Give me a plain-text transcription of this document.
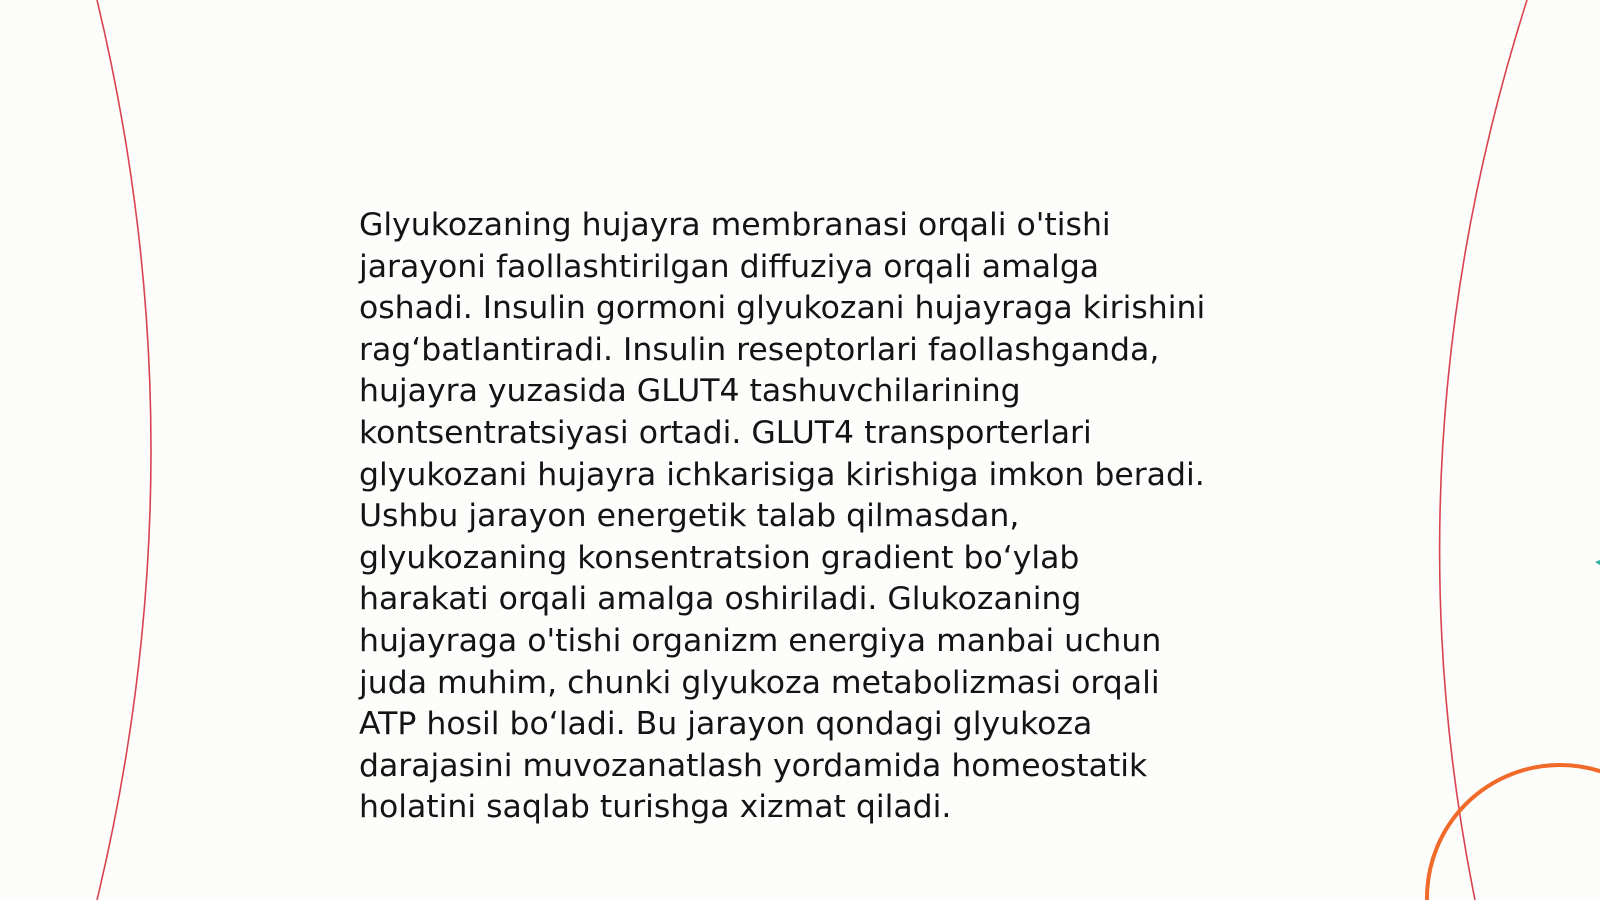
Glyukozaning hujayra membranasi orqali o'tishi
jarayoni faollashtirilgan diffuziya orqali amalga
oshadi. Insulin gormoni glyukozani hujayraga kirishini
rag‘batlantiradi. Insulin reseptorlari faollashganda,
hujayra yuzasida GLUT4 tashuvchilarining
kontsentratsiyasi ortadi. GLUT4 transporterlari
glyukozani hujayra ichkarisiga kirishiga imkon beradi.
Ushbu jarayon energetik talab qilmasdan,
glyukozaning konsentratsion gradient bo‘ylab
harakati orqali amalga oshiriladi. Glukozaning
hujayraga o'tishi organizm energiya manbai uchun
juda muhim, chunki glyukoza metabolizmasi orqali
ATP hosil bo‘ladi. Bu jarayon qondagi glyukoza
darajasini muvozanatlash yordamida homeostatik
holatini saqlab turishga xizmat qiladi.
